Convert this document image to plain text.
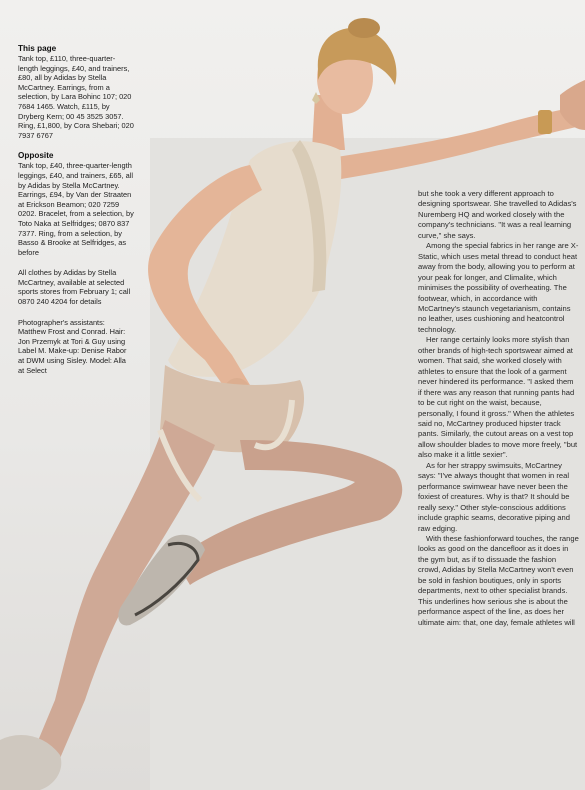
This page

Tank top, £110, three-quarter-length leggings, £40, and trainers, £80, all by Adidas by Stella McCartney. Earrings, from a selection, by Lara Bohinc 107; 020 7684 1465. Watch, £115, by Dryberg Kern; 00 45 3525 3057. Ring, £1,800, by Cora Shebari; 020 7937 6767

Opposite

Tank top, £40, three-quarter-length leggings, £40, and trainers, £65, all by Adidas by Stella McCartney. Earrings, £94, by Van der Straaten at Erickson Beamon; 020 7259 0202. Bracelet, from a selection, by Toto Naka at Selfridges; 0870 837 7377. Ring, from a selection, by Basso & Brooke at Selfridges, as before

All clothes by Adidas by Stella McCartney, available at selected sports stores from February 1; call 0870 240 4204 for details

Photographer's assistants: Matthew Frost and Conrad. Hair: Jon Przemyk at Tori & Guy using Label M. Make-up: Denise Rabor at DWM using Sisley. Model: Alla at Select

but she took a very different approach to designing sportswear. She travelled to Adidas's Nuremberg HQ and worked closely with the company's technicians. "It was a real learning curve," she says.

Among the special fabrics in her range are X-Static, which uses metal thread to conduct heat away from the body, allowing you to perform at your peak for longer, and Climalite, which minimises the possibility of overheating. The footwear, which, in accordance with McCartney's staunch vegetarianism, contains no leather, uses cushioning and heatcontrol technology.

Her range certainly looks more stylish than other brands of high-tech sportswear aimed at women. That said, she worked closely with athletes to ensure that the look of a garment never hindered its performance. "I asked them if there was any reason that running pants had to be cut right on the waist, because, personally, I found it gross." When the athletes said no, McCartney produced hipster track pants. Similarly, the cutout areas on a vest top allow shoulder blades to move more freely, "but also make it a little sexier".

As for her strappy swimsuits, McCartney says: "I've always thought that women in real performance swimwear have never been the foxiest of creatures. Why is that? It should be really sexy." Other style-conscious additions include graphic seams, decorative piping and raw edging.

With these fashionforward touches, the range looks as good on the dancefloor as it does in the gym but, as if to dissuade the fashion crowd, Adidas by Stella McCartney won't even be sold in fashion boutiques, only in sports departments, next to other specialist brands. This underlines how serious she is about the performance aspect of the line, as does her ultimate aim: that, one day, female athletes will
